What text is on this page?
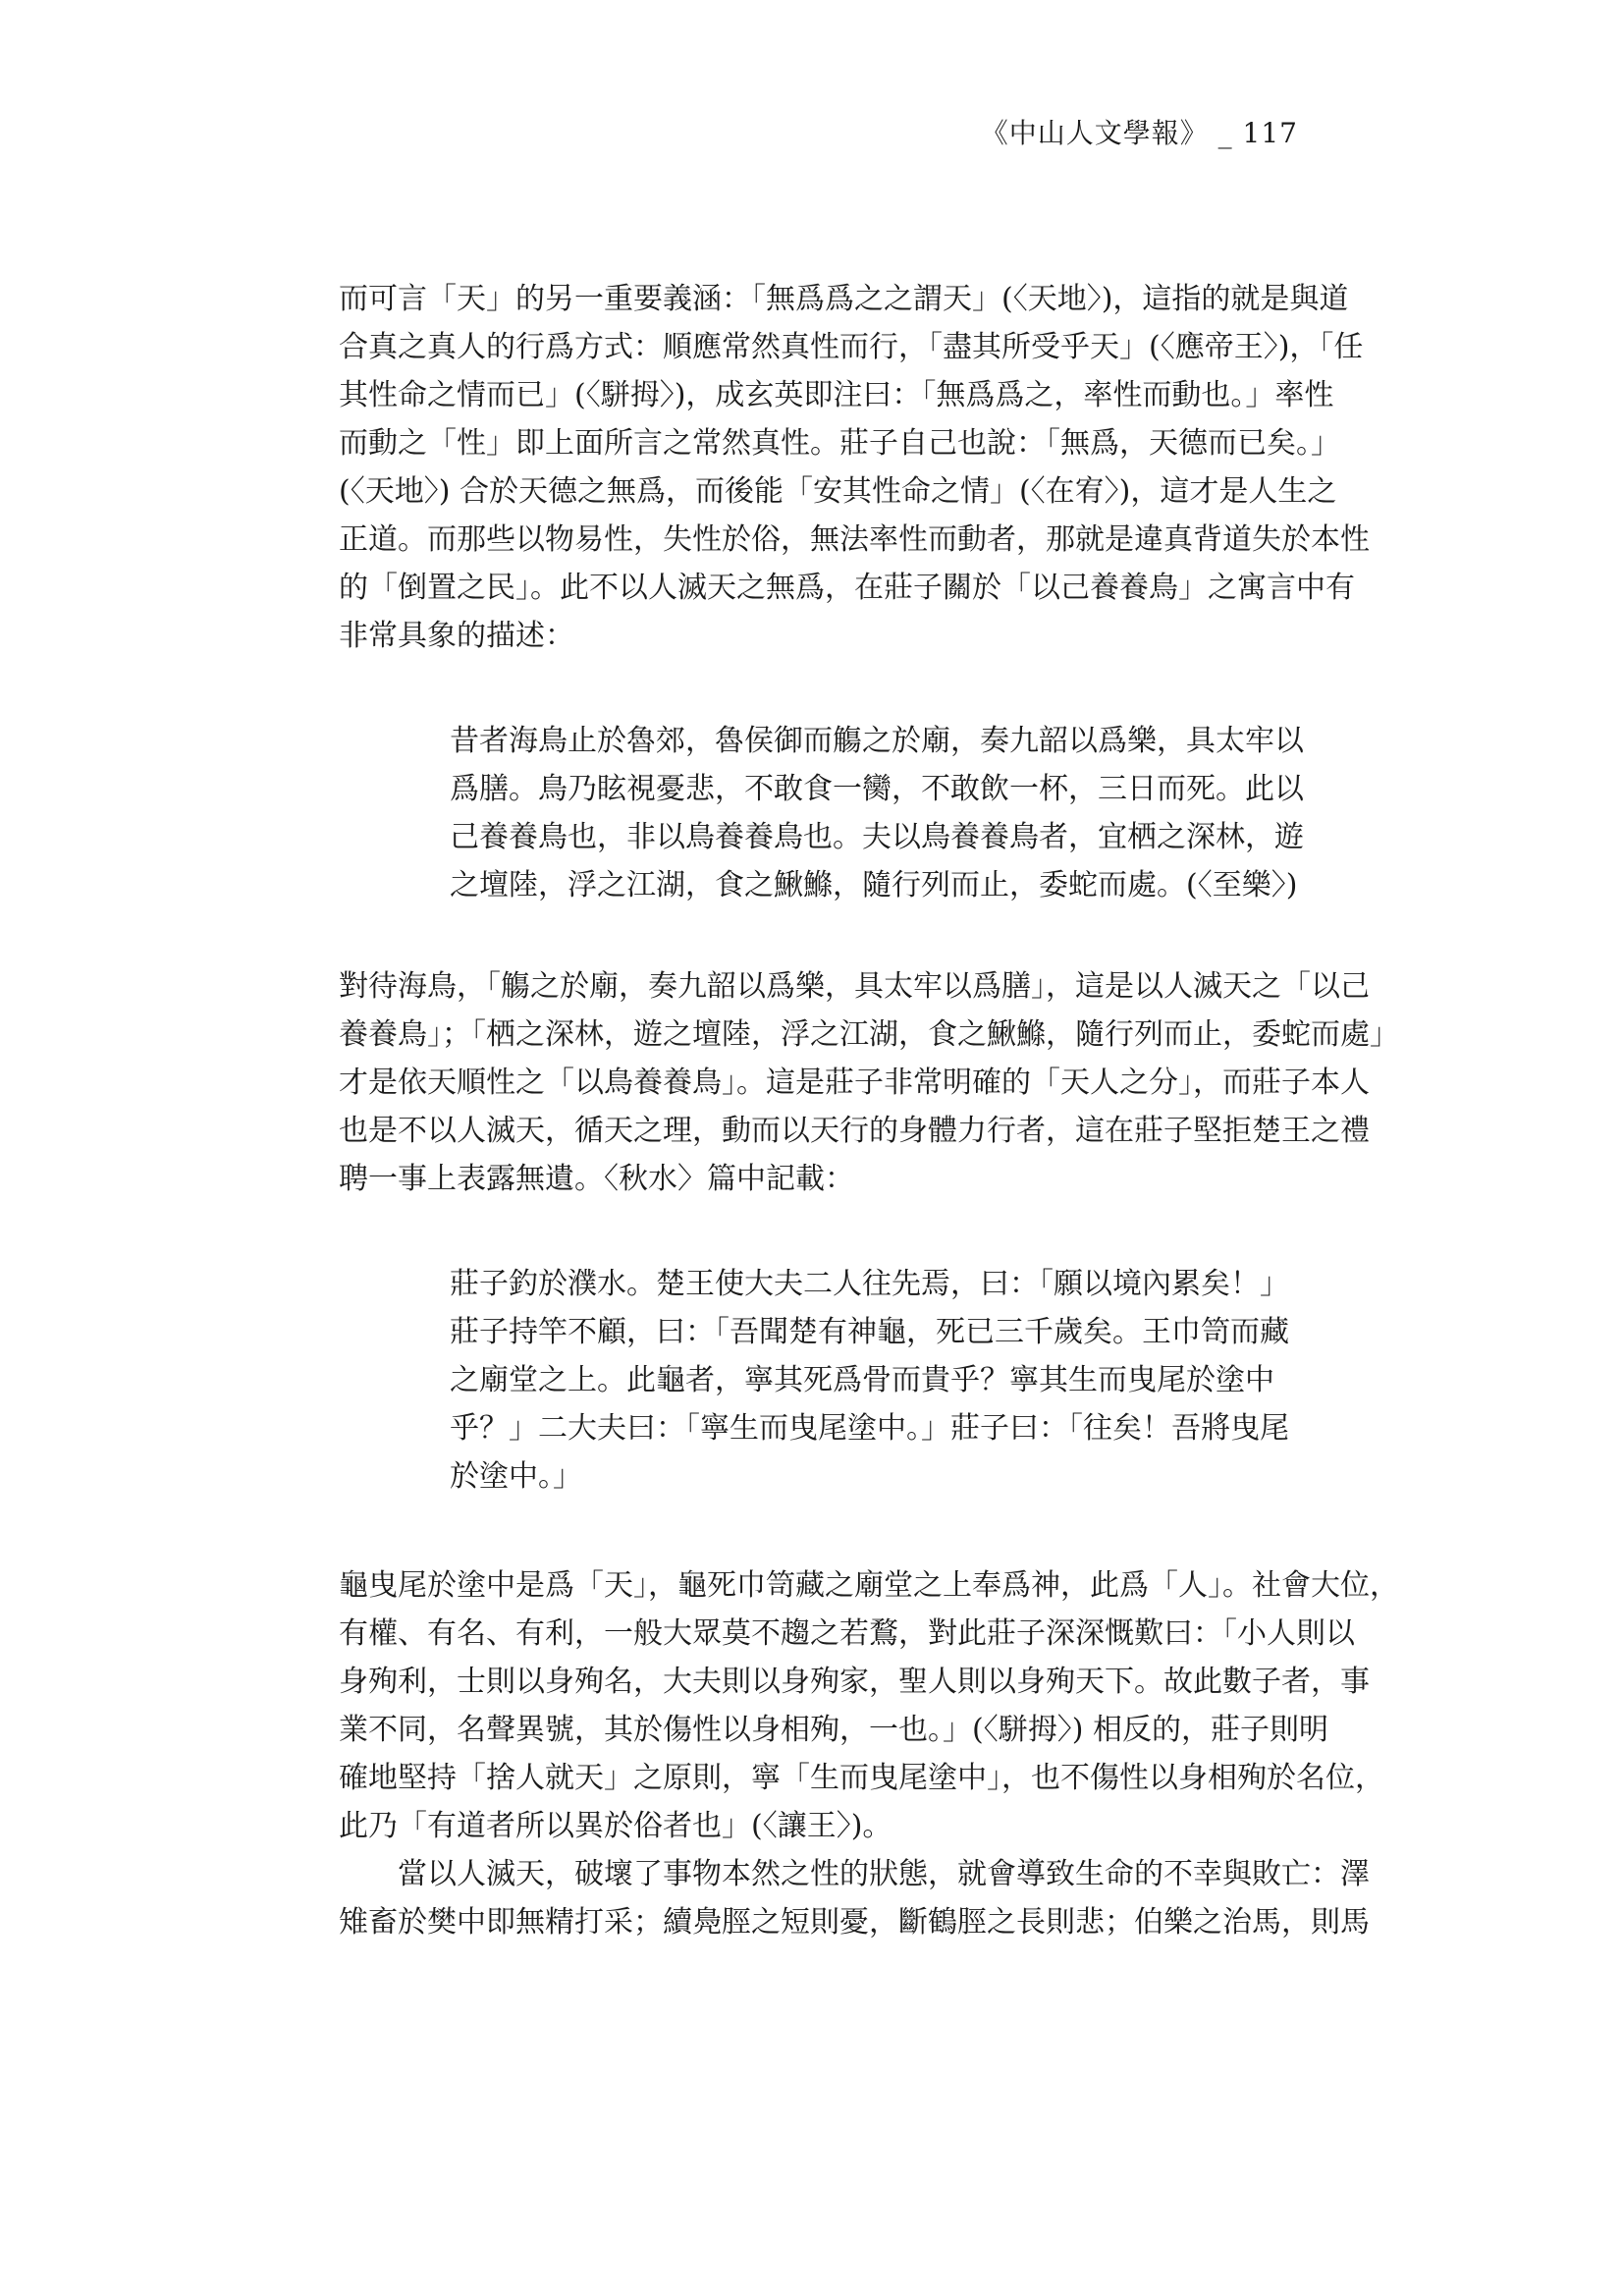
《中山人文學報》 _ 117
而可言「天」的另一重要義涵：「無爲爲之之謂天」(〈天地〉)，這指的就是與道
合真之真人的行爲方式：順應常然真性而行，「盡其所受乎天」(〈應帝王〉)，「任
其性命之情而已」(〈駢拇〉)，成玄英即注曰：「無爲爲之，率性而動也。」率性
而動之「性」即上面所言之常然真性。莊子自己也說：「無爲，天德而已矣。」
(〈天地〉) 合於天德之無爲，而後能「安其性命之情」(〈在宥〉)，這才是人生之
正道。而那些以物易性，失性於俗，無法率性而動者，那就是違真背道失於本性
的「倒置之民」。此不以人滅天之無爲，在莊子關於「以己養養鳥」之寓言中有
非常具象的描述：
昔者海鳥止於魯郊，魯侯御而觴之於廟，奏九韶以爲樂，具太牢以
爲膳。鳥乃眩視憂悲，不敢食一臠，不敢飲一杯，三日而死。此以
己養養鳥也，非以鳥養養鳥也。夫以鳥養養鳥者，宜栖之深林，遊
之壇陸，浮之江湖，食之鰍鰷，隨行列而止，委蛇而處。(〈至樂〉)
對待海鳥，「觴之於廟，奏九韶以爲樂，具太牢以爲膳」，這是以人滅天之「以己
養養鳥」；「栖之深林，遊之壇陸，浮之江湖，食之鰍鰷，隨行列而止，委蛇而處」
才是依天順性之「以鳥養養鳥」。這是莊子非常明確的「天人之分」，而莊子本人
也是不以人滅天，循天之理，動而以天行的身體力行者，這在莊子堅拒楚王之禮
聘一事上表露無遺。〈秋水〉篇中記載：
莊子釣於濮水。楚王使大夫二人往先焉，曰：「願以境內累矣！」
莊子持竿不顧，曰：「吾聞楚有神龜，死已三千歲矣。王巾笥而藏
之廟堂之上。此龜者，寧其死爲骨而貴乎？寧其生而曳尾於塗中
乎？」二大夫曰：「寧生而曳尾塗中。」莊子曰：「往矣！吾將曳尾
於塗中。」
龜曳尾於塗中是爲「天」，龜死巾笥藏之廟堂之上奉爲神，此爲「人」。社會大位，
有權、有名、有利，一般大眾莫不趨之若鶩，對此莊子深深慨歎曰：「小人則以
身殉利，士則以身殉名，大夫則以身殉家，聖人則以身殉天下。故此數子者，事
業不同，名聲異號，其於傷性以身相殉，一也。」(〈駢拇〉) 相反的，莊子則明
確地堅持「捨人就天」之原則，寧「生而曳尾塗中」，也不傷性以身相殉於名位，
此乃「有道者所以異於俗者也」(〈讓王〉)。
當以人滅天，破壞了事物本然之性的狀態，就會導致生命的不幸與敗亡：澤
雉畜於樊中即無精打采；續鳧脛之短則憂，斷鶴脛之長則悲；伯樂之治馬，則馬
